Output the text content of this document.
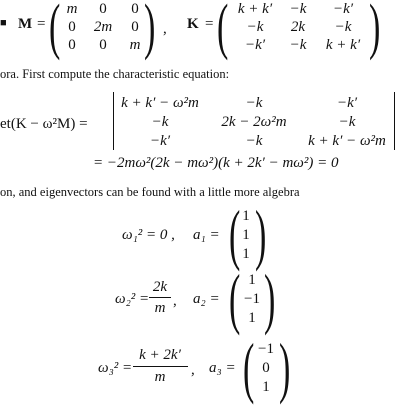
■ M = ( m 0 0
0 2m 0
0 0 m ) , K = ( k + k′ −k −k′
−k 2k −k
−k′ −k k + k′ )
ora. First compute the characteristic equation:
et(K − ω²M) =
k + k′ − ω²m	−k	−k′
−k	2k − 2ω²m	−k
−k′	−k	k + k′ − ω²m
= −2mω²(2k − mω²)(k + 2k′ − mω²) = 0
on, and eigenvectors can be found with a little more algebra
ω₁² = 0 , a₁ = ( 1
1
1 )
ω₂² =
2k
m , a₂ = ( 1
−1
1 )
ω₃² =
k + 2k′
m	, a₃ = ( −1
0
1 )
